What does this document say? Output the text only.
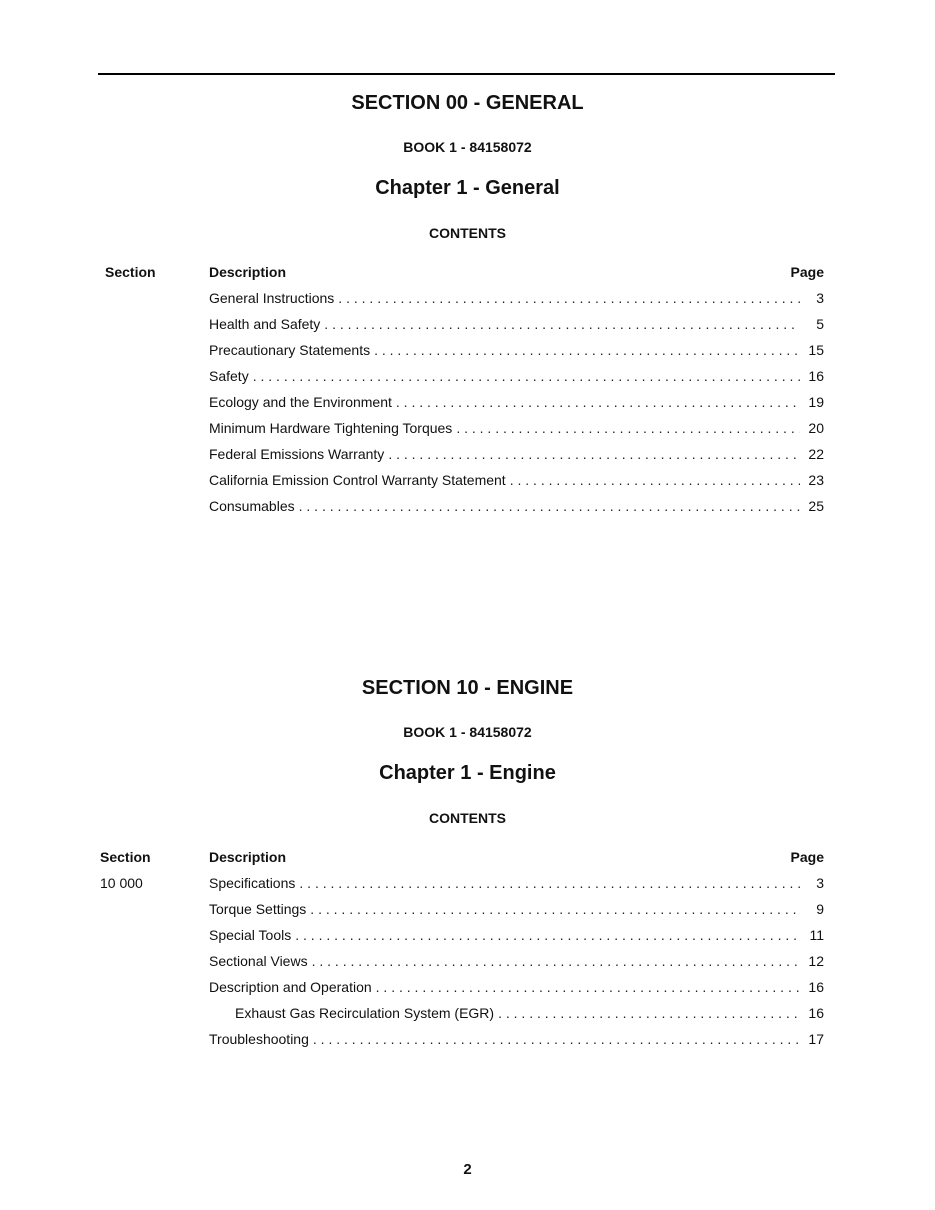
SECTION 00 - GENERAL
BOOK 1 - 84158072
Chapter 1 - General
CONTENTS
Section	Description	Page
General Instructions . . .	3
Health and Safety . . .	5
Precautionary Statements . . .	15
Safety . . .	16
Ecology and the Environment . . .	19
Minimum Hardware Tightening Torques . . .	20
Federal Emissions Warranty . . .	22
California Emission Control Warranty Statement . . .	23
Consumables . . .	25
SECTION 10 - ENGINE
BOOK 1 - 84158072
Chapter 1 - Engine
CONTENTS
Section	Description	Page
10 000	Specifications . . .	3
Torque Settings . . .	9
Special Tools . . .	11
Sectional Views . . .	12
Description and Operation . . .	16
Exhaust Gas Recirculation System (EGR) . . .	16
Troubleshooting . . .	17
2
